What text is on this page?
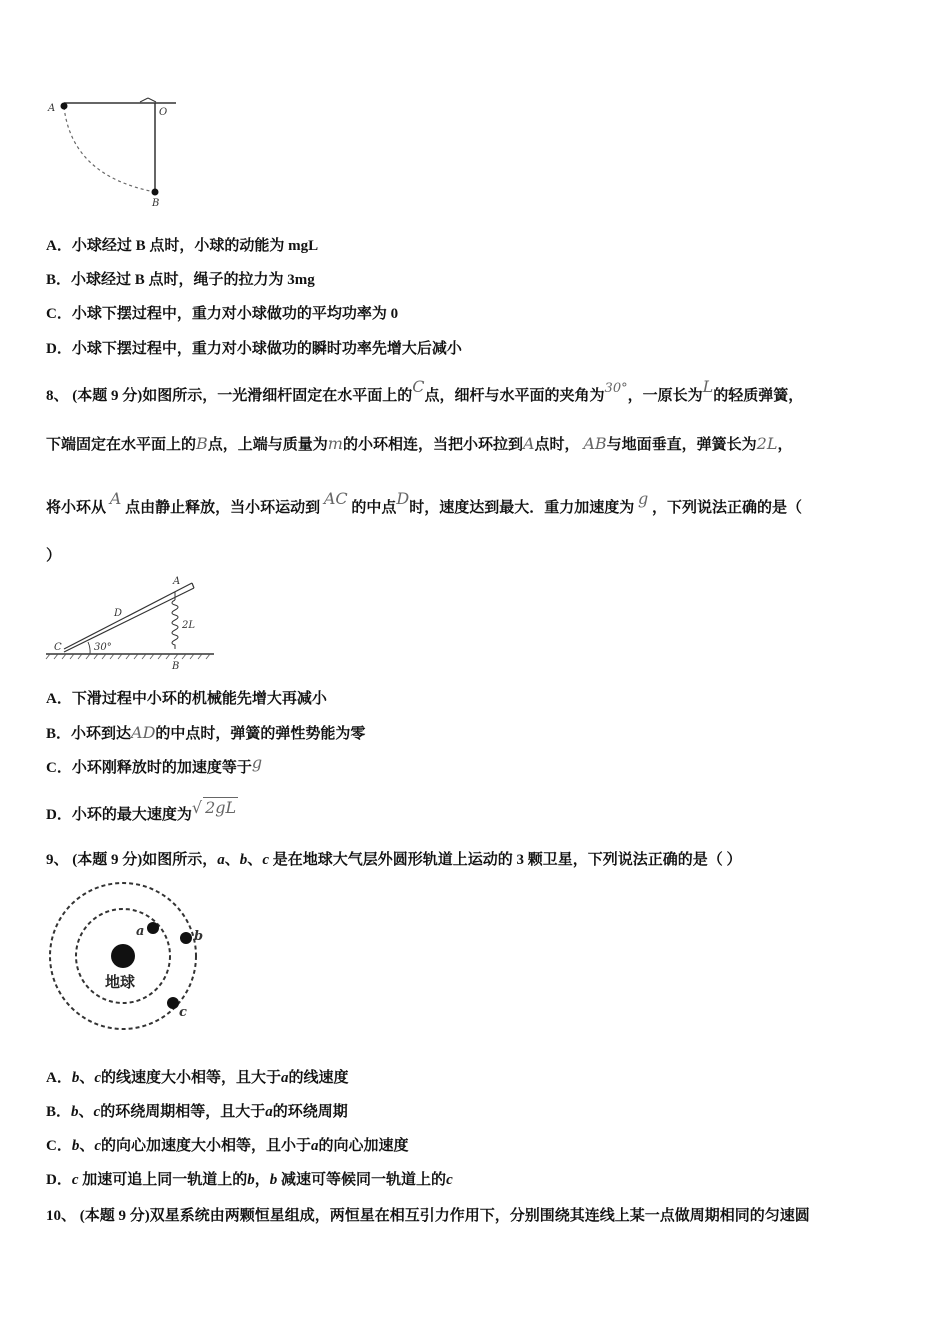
A	O
B
A．小球经过 B 点时，小球的动能为 mgL
B．小球经过 B 点时，绳子的拉力为 3mg
C．小球下摆过程中，重力对小球做功的平均功率为 0
D．小球下摆过程中，重力对小球做功的瞬时功率先增大后减小
8、 (本题 9 分)如图所示，一光滑细杆固定在水平面上的C点，细杆与水平面的夹角为30°，一原长为L的轻质弹簧，
下端固定在水平面上的B点，上端与质量为m的小环相连，当把小环拉到A点时， AB与地面垂直，弹簧长为2L，
将小环从 A 点由静止释放，当小环运动到 AC 的中点D时，速度达到最大．重力加速度为 g ，下列说法正确的是（
）
A
D
C
B
2L
30°
A．下滑过程中小环的机械能先增大再减小
B．小环到达AD的中点时，弹簧的弹性势能为零
C．小环刚释放时的加速度等于g
D．小环的最大速度为√ 2gL
9、 (本题 9 分)如图所示，a、b、c 是在地球大气层外圆形轨道上运动的 3 颗卫星，下列说法正确的是（ ）
地球
a	b
c
A．b、c的线速度大小相等，且大于a的线速度
B．b、c的环绕周期相等，且大于a的环绕周期
C．b、c的向心加速度大小相等，且小于a的向心加速度
D．c 加速可追上同一轨道上的b，b 减速可等候同一轨道上的c
10、 (本题 9 分)双星系统由两颗恒星组成，两恒星在相互引力作用下，分别围绕其连线上某一点做周期相同的匀速圆
